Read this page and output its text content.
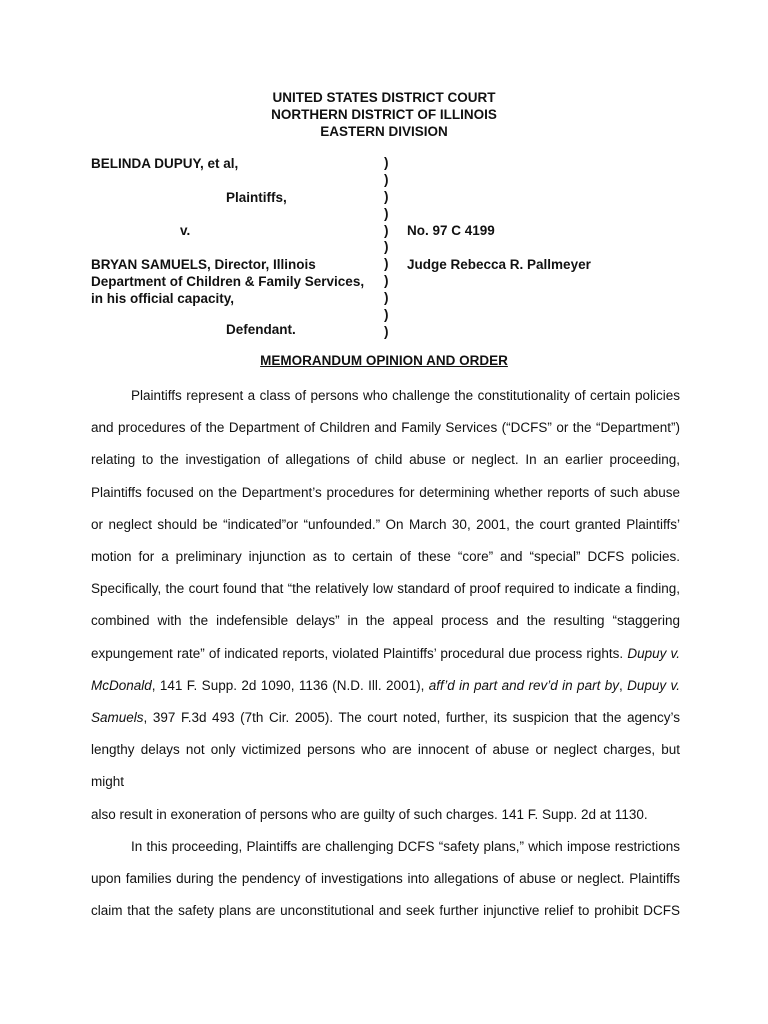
UNITED STATES DISTRICT COURT
NORTHERN DISTRICT OF ILLINOIS
EASTERN DIVISION
BELINDA DUPUY, et al,
Plaintiffs,
v.
BRYAN SAMUELS, Director, Illinois
Department of Children & Family Services,
in his official capacity,
Defendant.
)
)
)
)
)
)
)
)
)
)
)
No. 97 C 4199
Judge Rebecca R. Pallmeyer
MEMORANDUM OPINION AND ORDER

Plaintiffs represent a class of persons who challenge the constitutionality of certain policies

and procedures of the Department of Children and Family Services (“DCFS” or the “Department”)

relating to the investigation of allegations of child abuse or neglect. In an earlier proceeding,

Plaintiffs focused on the Department’s procedures for determining whether reports of such abuse

or neglect should be “indicated”or “unfounded.” On March 30, 2001, the court granted Plaintiffs’

motion for a preliminary injunction as to certain of these “core” and “special” DCFS policies.

Specifically, the court found that “the relatively low standard of proof required to indicate a finding,

combined with the indefensible delays” in the appeal process and the resulting “staggering

expungement rate” of indicated reports, violated Plaintiffs’ procedural due process rights. Dupuy v.

McDonald, 141 F. Supp. 2d 1090, 1136 (N.D. Ill. 2001), aff’d in part and rev’d in part by, Dupuy v.

Samuels, 397 F.3d 493 (7th Cir. 2005). The court noted, further, its suspicion that the agency’s

lengthy delays not only victimized persons who are innocent of abuse or neglect charges, but might

also result in exoneration of persons who are guilty of such charges. 141 F. Supp. 2d at 1130.

In this proceeding, Plaintiffs are challenging DCFS “safety plans,” which impose restrictions

upon families during the pendency of investigations into allegations of abuse or neglect. Plaintiffs

claim that the safety plans are unconstitutional and seek further injunctive relief to prohibit DCFS
